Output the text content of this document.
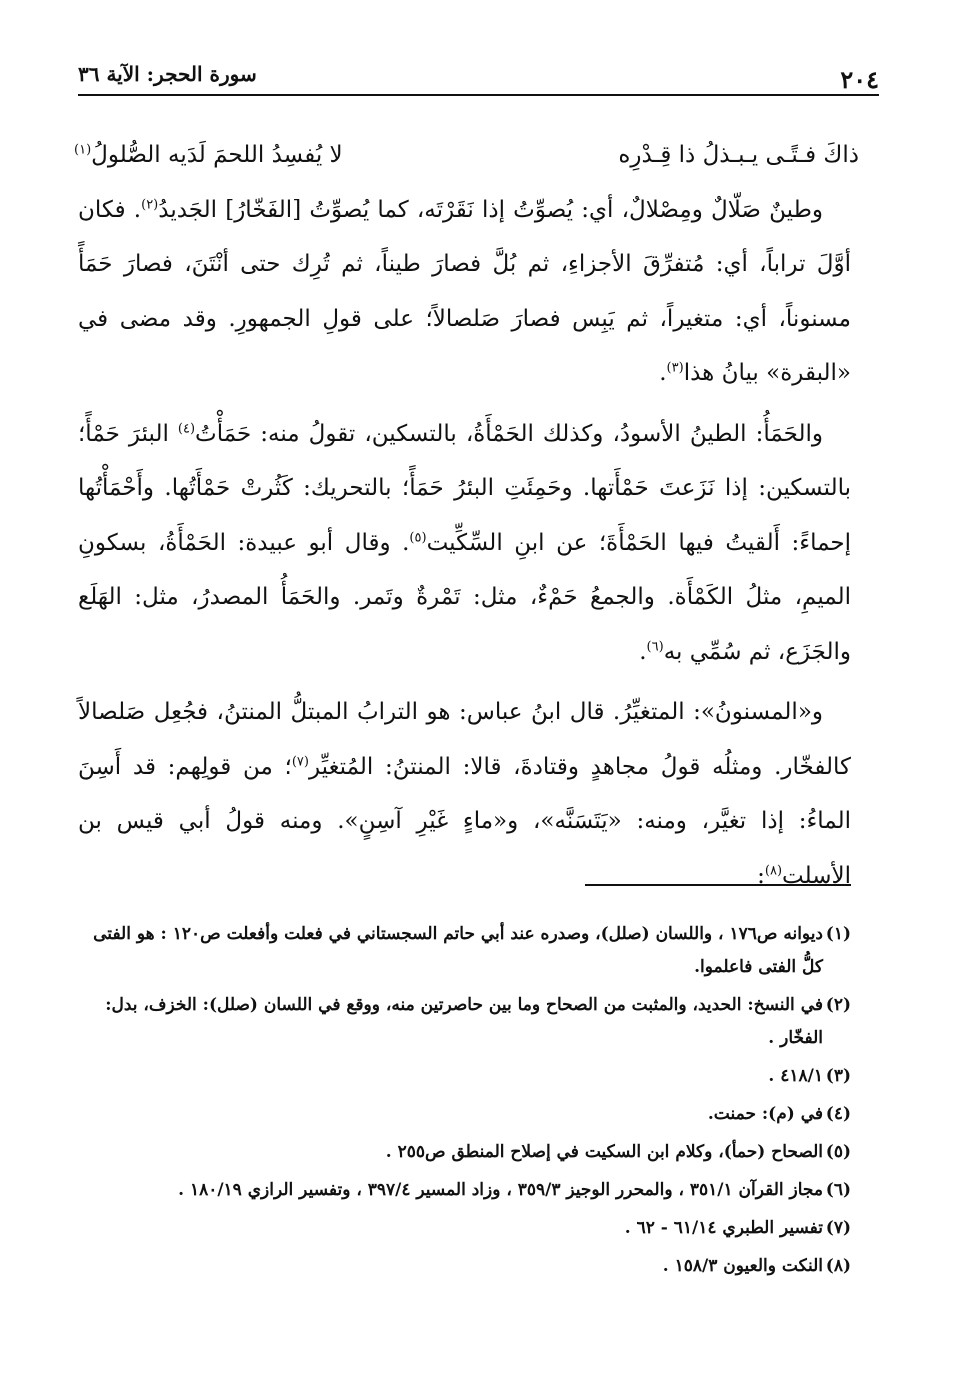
٢٠٤
سورة الحجر: الآية ٣٦
ذاكَ فـتًـى يـبـذلُ ذا قِـدْرِه
لا يُفسِدُ اللحمَ لَدَيه الصُّلولُ$^{(١)}$

وطينٌ صَلّالٌ ومِصْلالٌ، أي: يُصوِّتُ إذا نَقَرْتَه، كما يُصوِّتُ [الفَخّارُ] الجَديدُ$^{(٢)}$. فكان أوَّلَ تراباً، أي: مُتفرِّقَ الأجزاءِ، ثم بُلَّ فصارَ طيناً، ثم تُرِك حتى أنْتَنَ، فصارَ حَمَأً مسنوناً، أي: متغيراً، ثم يَبِس فصارَ صَلصالاً؛ على قولِ الجمهورِ. وقد مضى في «البقرة» بيانُ هذا$^{(٣)}$.

والحَمَأُ: الطينُ الأسودُ، وكذلك الحَمْأَةُ، بالتسكين، تقولُ منه: حَمَأْتُ$^{(٤)}$ البئرَ حَمْأً؛ بالتسكين: إذا نَزَعتَ حَمْأَتها. وحَمِئَتِ البئرُ حَمَأً؛ بالتحريك: كَثُرتْ حَمْأَتُها. وأَحْمَأْتُها إحماءً: أَلقيتُ فيها الحَمْأَةَ؛ عن ابنِ السِّكِّيت$^{(٥)}$. وقال أبو عبيدة: الحَمْأَةُ، بسكونِ الميمِ، مثلُ الكَمْأَة. والجمعُ حَمْءٌ، مثل: تَمْرةٌ وتَمر. والحَمَأُ المصدرُ، مثل: الهَلَع والجَزَع، ثم سُمِّي به$^{(٦)}$.

و«المسنونُ»: المتغيِّرُ. قال ابنُ عباس: هو الترابُ المبتلُّ المنتنُ، فجُعِل صَلصالاً كالفخّار. ومثلُه قولُ مجاهدٍ وقتادةَ، قالا: المنتنُ: المُتغيِّر$^{(٧)}$؛ من قولِهم: قد أَسِنَ الماءُ: إذا تغيَّر، ومنه: «يَتَسَنَّه»، و«ماءٍ غَيْرِ آسِنٍ». ومنه قولُ أبي قيس بن الأسلت$^{(٨)}$:

(١)ديوانه ص١٧٦ ، واللسان (صلل)، وصدره عند أبي حاتم السجستاني في فعلت وأفعلت ص١٢٠ : هو الفتى كلُّ الفتى فاعلموا.

(٢)في النسخ: الحديد، والمثبت من الصحاح وما بين حاصرتين منه، ووقع في اللسان (صلل): الخزف، بدل: الفخّار .

(٣)٤١٨/١ .

(٤)في (م): حمنت.

(٥)الصحاح (حمأ)، وكلام ابن السكيت في إصلاح المنطق ص٢٥٥ .

(٦)مجاز القرآن ٣٥١/١ ، والمحرر الوجيز ٣٥٩/٣ ، وزاد المسير ٣٩٧/٤ ، وتفسير الرازي ١٨٠/١٩ .

(٧)تفسير الطبري ٦١/١٤ - ٦٢ .

(٨)النكت والعيون ١٥٨/٣ .
